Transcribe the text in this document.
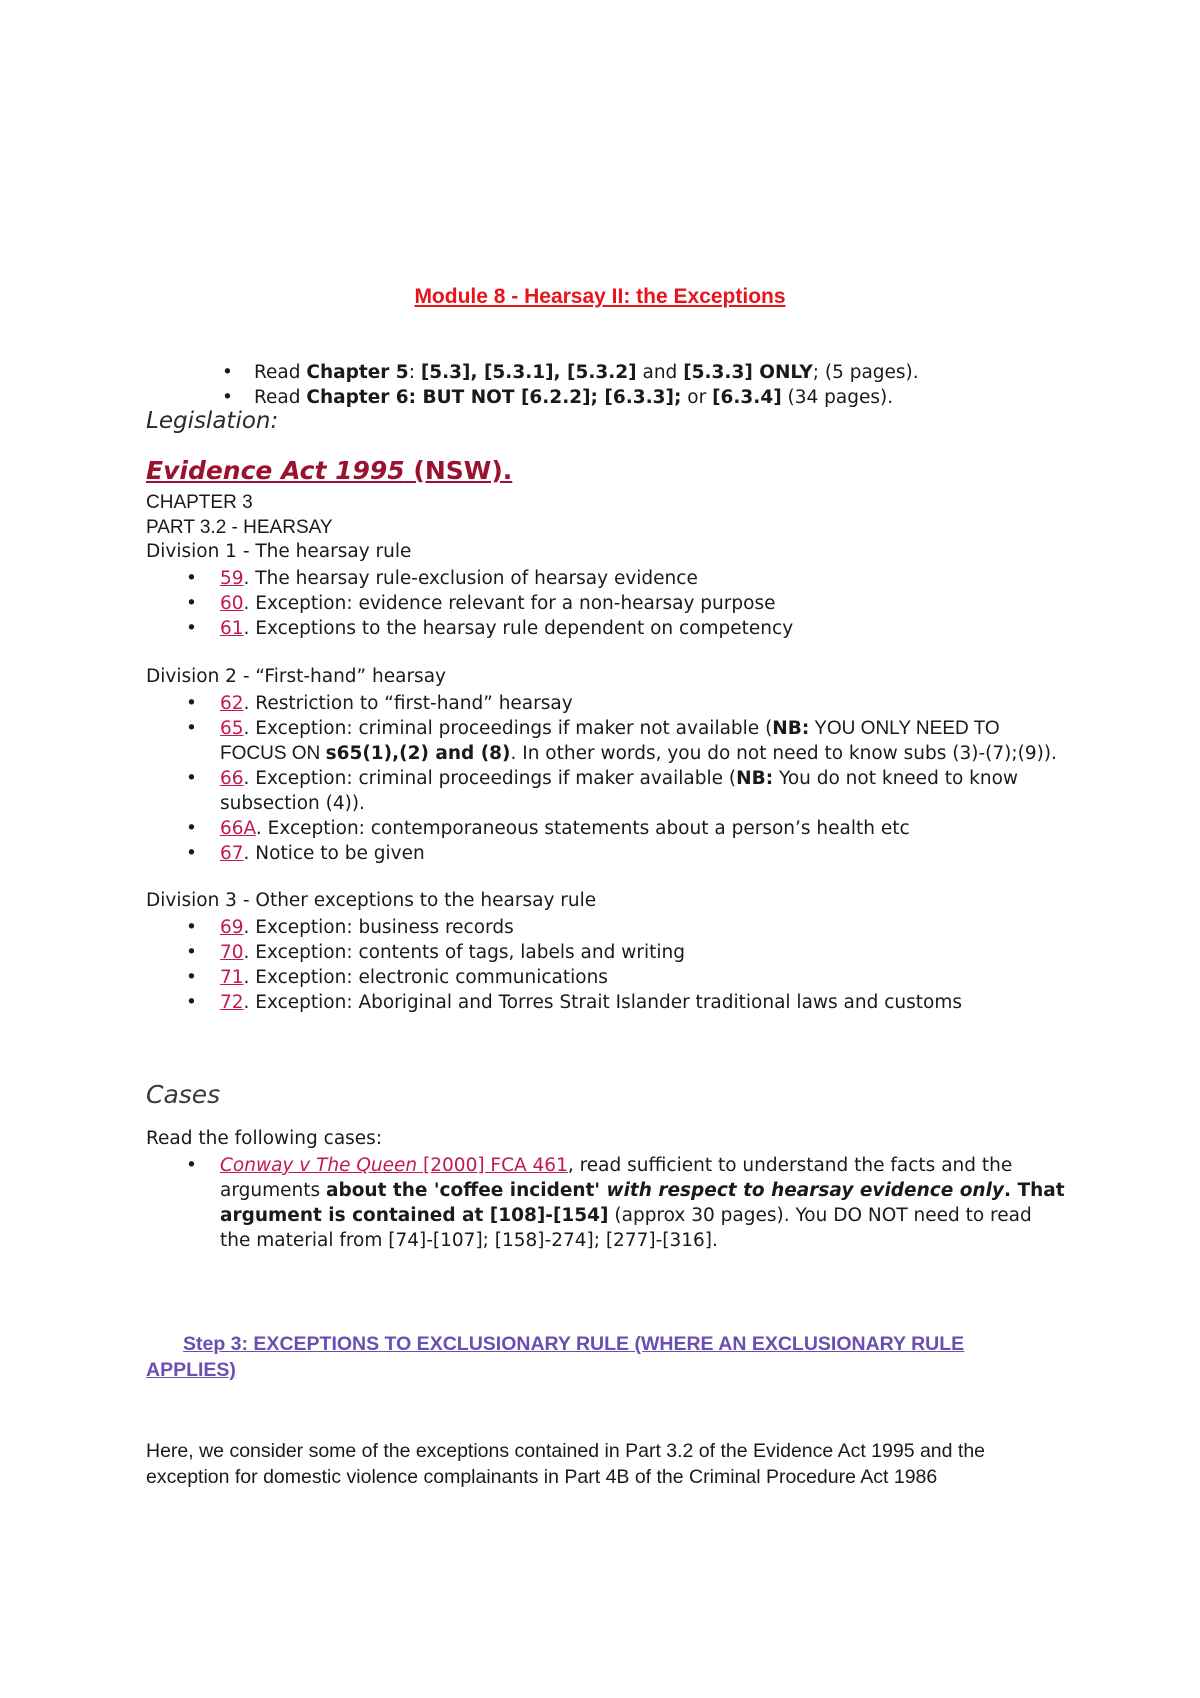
Module 8 - Hearsay II: the Exceptions
• Read Chapter 5: [5.3], [5.3.1], [5.3.2] and [5.3.3] ONLY; (5 pages).
• Read Chapter 6: BUT NOT [6.2.2]; [6.3.3]; or [6.3.4] (34 pages).
Legislation:
Evidence Act 1995 (NSW).

CHAPTER 3

PART 3.2 - HEARSAY

Division 1 - The hearsay rule

• 59. The hearsay rule-exclusion of hearsay evidence
• 60. Exception: evidence relevant for a non-hearsay purpose
• 61. Exceptions to the hearsay rule dependent on competency

Division 2 - “First-hand” hearsay

• 62. Restriction to “first-hand” hearsay
• 65. Exception: criminal proceedings if maker not available (NB: YOU ONLY NEED TO FOCUS ON s65(1),(2) and (8). In other words, you do not need to know subs (3)-(7);(9)).
• 66. Exception: criminal proceedings if maker available (NB: You do not kneed to know subsection (4)).
• 66A. Exception: contemporaneous statements about a person’s health etc
• 67. Notice to be given

Division 3 - Other exceptions to the hearsay rule

• 69. Exception: business records
• 70. Exception: contents of tags, labels and writing
• 71. Exception: electronic communications
• 72. Exception: Aboriginal and Torres Strait Islander traditional laws and customs
Cases

Read the following cases:

• Conway v The Queen [2000] FCA 461, read sufficient to understand the facts and the arguments about the 'coffee incident' with respect to hearsay evidence only. That argument is contained at [108]-[154] (approx 30 pages). You DO NOT need to read the material from [74]-[107]; [158]-274]; [277]-[316].
Step 3: EXCEPTIONS TO EXCLUSIONARY RULE (WHERE AN EXCLUSIONARY RULE APPLIES)

Here, we consider some of the exceptions contained in Part 3.2 of the Evidence Act 1995 and the exception for domestic violence complainants in Part 4B of the Criminal Procedure Act 1986
